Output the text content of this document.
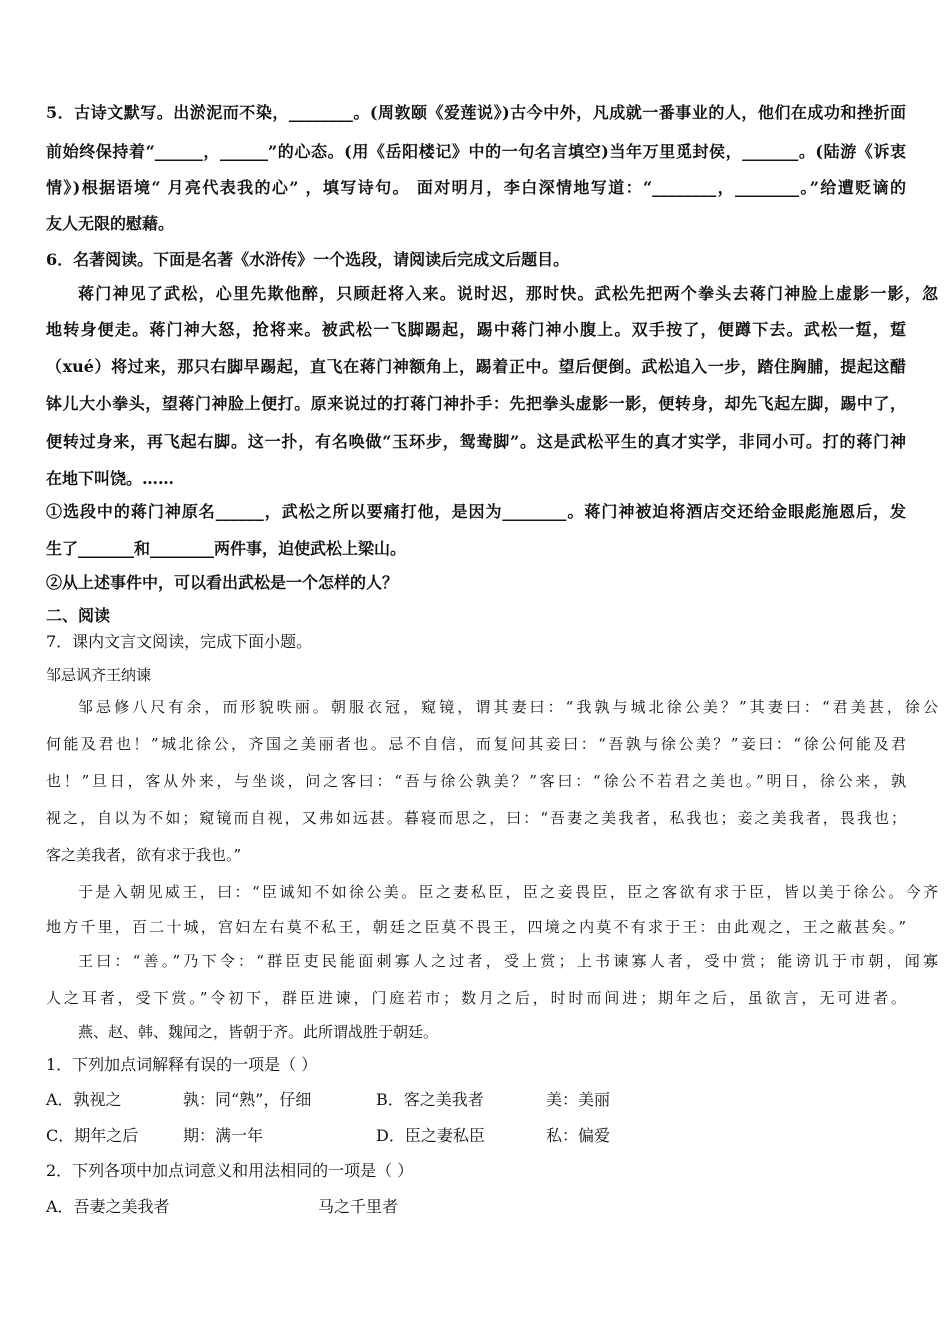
5．古诗文默写。出淤泥而不染，________。(周敦颐《爱莲说》)古今中外，凡成就一番事业的人，他们在成功和挫折面
前始终保持着“______，______”的心态。(用《岳阳楼记》中的一句名言填空)当年万里觅封侯，_______。(陆游《诉衷
情》)根据语境“ 月亮代表我的心” ，填写诗句。 面对明月，李白深情地写道：“________，________。”给遭贬谪的
友人无限的慰藉。
6．名著阅读。下面是名著《水浒传》一个选段，请阅读后完成文后题目。
蒋门神见了武松，心里先欺他醉，只顾赶将入来。说时迟，那时快。武松先把两个拳头去蒋门神脸上虚影一影，忽
地转身便走。蒋门神大怒，抢将来。被武松一飞脚踢起，踢中蒋门神小腹上。双手按了，便蹲下去。武松一踅，踅
（xué）将过来，那只右脚早踢起，直飞在蒋门神额角上，踢着正中。望后便倒。武松追入一步，踏住胸脯，提起这醋
钵儿大小拳头，望蒋门神脸上便打。原来说过的打蒋门神扑手：先把拳头虚影一影，便转身，却先飞起左脚，踢中了，
便转过身来，再飞起右脚。这一扑，有名唤做“玉环步，鸳鸯脚”。这是武松平生的真才实学，非同小可。打的蒋门神
在地下叫饶。……
①选段中的蒋门神原名______，武松之所以要痛打他，是因为________。蒋门神被迫将酒店交还给金眼彪施恩后，发
生了_______和________两件事，迫使武松上梁山。
②从上述事件中，可以看出武松是一个怎样的人？
二、阅读
7．课内文言文阅读，完成下面小题。
邹忌讽齐王纳谏
邹忌修八尺有余，而形貌昳丽。朝服衣冠，窥镜，谓其妻曰：“我孰与城北徐公美？”其妻曰：“君美甚，徐公
何能及君也！”城北徐公，齐国之美丽者也。忌不自信，而复问其妾曰：“吾孰与徐公美？”妾曰：“徐公何能及君
也！”旦日，客从外来，与坐谈，问之客曰：“吾与徐公孰美？”客曰：“徐公不若君之美也。”明日，徐公来，孰
视之，自以为不如；窥镜而自视，又弗如远甚。暮寝而思之，曰：“吾妻之美我者，私我也；妾之美我者，畏我也；
客之美我者，欲有求于我也。”
于是入朝见威王，曰：“臣诚知不如徐公美。臣之妻私臣，臣之妾畏臣，臣之客欲有求于臣，皆以美于徐公。今齐
地方千里，百二十城，宫妇左右莫不私王，朝廷之臣莫不畏王，四境之内莫不有求于王：由此观之，王之蔽甚矣。”
王曰：“善。”乃下令：“群臣吏民能面刺寡人之过者，受上赏；上书谏寡人者，受中赏；能谤讥于市朝，闻寡
人之耳者，受下赏。”令初下，群臣进谏，门庭若市；数月之后，时时而间进；期年之后，虽欲言，无可进者。
燕、赵、韩、魏闻之，皆朝于齐。此所谓战胜于朝廷。
1．下列加点词解释有误的一项是（ ）
A．孰视之	孰：同“熟”，仔细	B．客之美我者	美：美丽
C．期年之后	期：满一年	D．臣之妻私臣	私：偏爱
2．下列各项中加点词意义和用法相同的一项是（ ）
A．吾妻之美我者	马之千里者
